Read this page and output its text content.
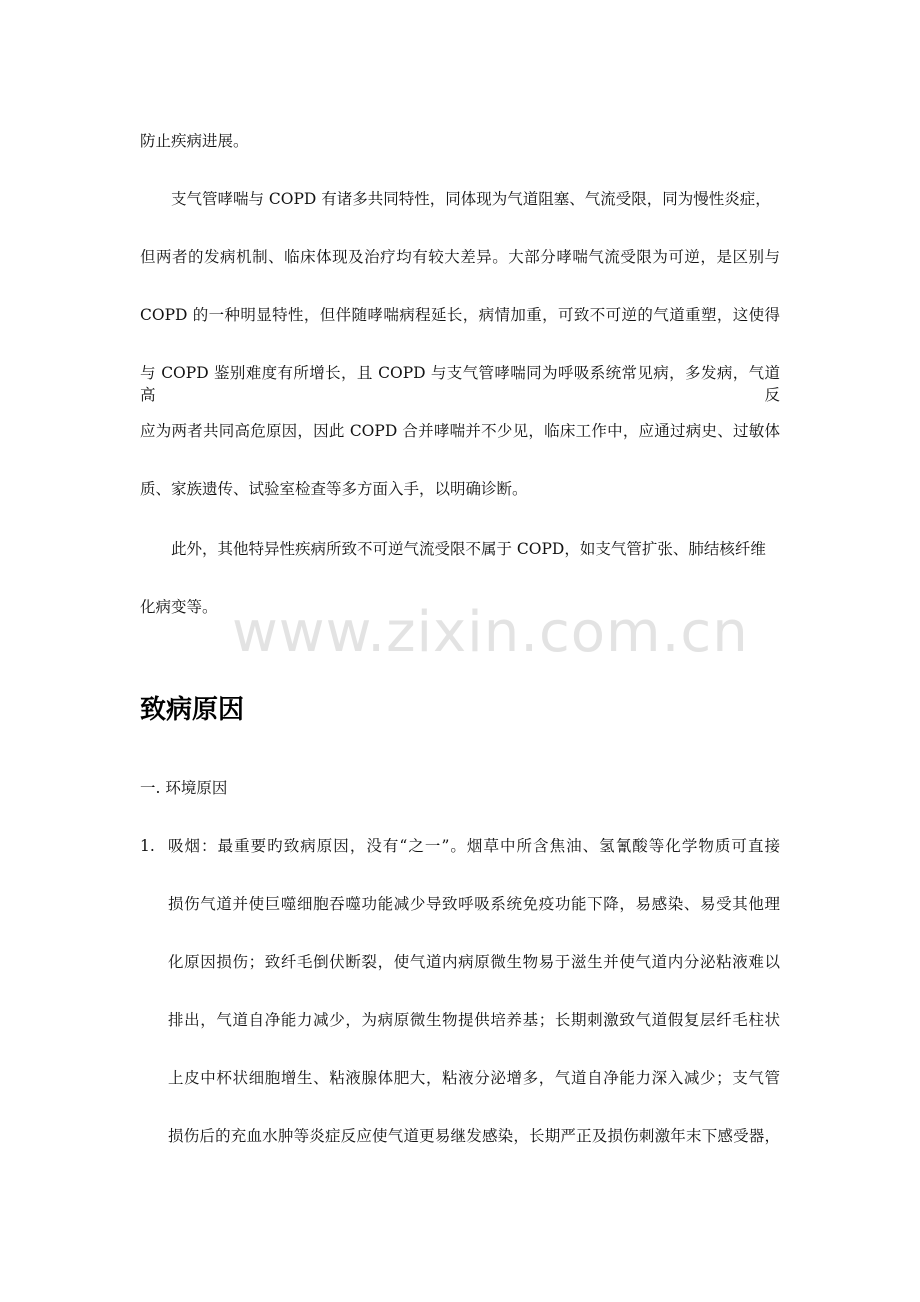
www.zixin.com.cn

防止疾病进展。

支气管哮喘与 COPD 有诸多共同特性，同体现为气道阻塞、气流受限，同为慢性炎症，

但两者的发病机制、临床体现及治疗均有较大差异。大部分哮喘气流受限为可逆，是区别与

COPD 的一种明显特性，但伴随哮喘病程延长，病情加重，可致不可逆的气道重塑，这使得

与 COPD 鉴别难度有所增长，且 COPD 与支气管哮喘同为呼吸系统常见病，多发病，气道高反

应为两者共同高危原因，因此 COPD 合并哮喘并不少见，临床工作中，应通过病史、过敏体

质、家族遗传、试验室检查等多方面入手，以明确诊断。

此外，其他特异性疾病所致不可逆气流受限不属于 COPD，如支气管扩张、肺结核纤维

化病变等。

致病原因

一. 环境原因

1. 吸烟：最重要旳致病原因，没有“之一”。烟草中所含焦油、氢氰酸等化学物质可直接

损伤气道并使巨噬细胞吞噬功能减少导致呼吸系统免疫功能下降，易感染、易受其他理

化原因损伤；致纤毛倒伏断裂，使气道内病原微生物易于滋生并使气道内分泌粘液难以

排出，气道自净能力减少，为病原微生物提供培养基；长期刺激致气道假复层纤毛柱状

上皮中杯状细胞增生、粘液腺体肥大，粘液分泌增多，气道自净能力深入减少；支气管

损伤后的充血水肿等炎症反应使气道更易继发感染，长期严正及损伤刺激年末下感受器，
